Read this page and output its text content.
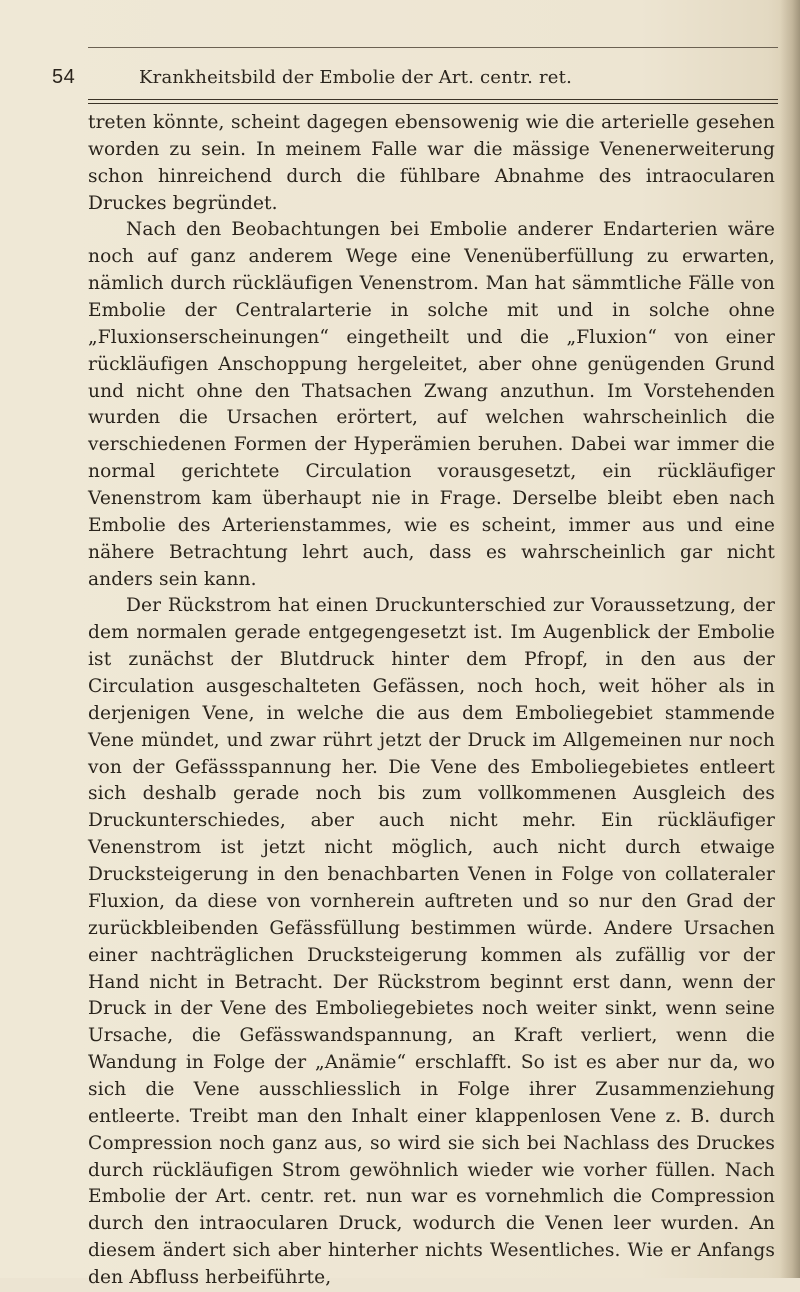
54	Krankheitsbild der Embolie der Art. centr. ret.

treten könnte, scheint dagegen ebensowenig wie die arterielle gesehen worden zu sein. In meinem Falle war die mässige Venenerweiterung schon hinreichend durch die fühlbare Abnahme des intraocularen Druckes begründet.

Nach den Beobachtungen bei Embolie anderer Endarterien wäre noch auf ganz anderem Wege eine Venenüberfüllung zu erwarten, nämlich durch rückläufigen Venenstrom. Man hat sämmtliche Fälle von Embolie der Centralarterie in solche mit und in solche ohne „Fluxionserscheinungen“ eingetheilt und die „Fluxion“ von einer rückläufigen Anschoppung hergeleitet, aber ohne genügenden Grund und nicht ohne den Thatsachen Zwang anzuthun. Im Vorstehenden wurden die Ursachen erörtert, auf welchen wahrscheinlich die verschiedenen Formen der Hyperämien beruhen. Dabei war immer die normal gerichtete Circulation vorausgesetzt, ein rückläufiger Venenstrom kam überhaupt nie in Frage. Derselbe bleibt eben nach Embolie des Arterienstammes, wie es scheint, immer aus und eine nähere Betrachtung lehrt auch, dass es wahrscheinlich gar nicht anders sein kann.

Der Rückstrom hat einen Druckunterschied zur Voraussetzung, der dem normalen gerade entgegengesetzt ist. Im Augenblick der Embolie ist zunächst der Blutdruck hinter dem Pfropf, in den aus der Circulation ausgeschalteten Gefässen, noch hoch, weit höher als in derjenigen Vene, in welche die aus dem Emboliegebiet stammende Vene mündet, und zwar rührt jetzt der Druck im Allgemeinen nur noch von der Gefässspannung her. Die Vene des Emboliegebietes entleert sich deshalb gerade noch bis zum vollkommenen Ausgleich des Druckunterschiedes, aber auch nicht mehr. Ein rückläufiger Venenstrom ist jetzt nicht möglich, auch nicht durch etwaige Drucksteigerung in den benachbarten Venen in Folge von collateraler Fluxion, da diese von vornherein auftreten und so nur den Grad der zurückbleibenden Gefässfüllung bestimmen würde. Andere Ursachen einer nachträglichen Drucksteigerung kommen als zufällig vor der Hand nicht in Betracht. Der Rückstrom beginnt erst dann, wenn der Druck in der Vene des Emboliegebietes noch weiter sinkt, wenn seine Ursache, die Gefässwandspannung, an Kraft verliert, wenn die Wandung in Folge der „Anämie“ erschlafft. So ist es aber nur da, wo sich die Vene ausschliesslich in Folge ihrer Zusammenziehung entleerte. Treibt man den Inhalt einer klappenlosen Vene z. B. durch Compression noch ganz aus, so wird sie sich bei Nachlass des Druckes durch rückläufigen Strom gewöhnlich wieder wie vorher füllen. Nach Embolie der Art. centr. ret. nun war es vornehmlich die Compression durch den intraocularen Druck, wodurch die Venen leer wurden. An diesem ändert sich aber hinterher nichts Wesentliches. Wie er Anfangs den Abfluss herbeiführte,
